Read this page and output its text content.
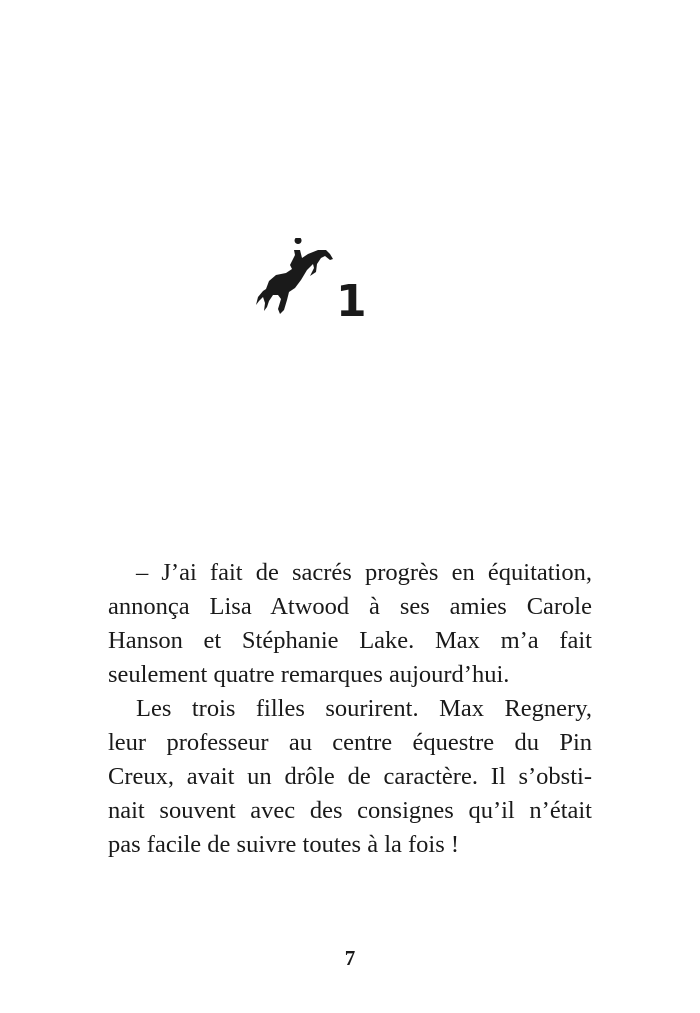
1
– J’ai fait de sacrés progrès en équitation,
annonça Lisa Atwood à ses amies Carole
Hanson et Stéphanie Lake. Max m’a fait
seulement quatre remarques aujourd’hui.
Les trois filles sourirent. Max Regnery,
leur professeur au centre équestre du Pin
Creux, avait un drôle de caractère. Il s’obsti-
nait souvent avec des consignes qu’il n’était
pas facile de suivre toutes à la fois !
7
